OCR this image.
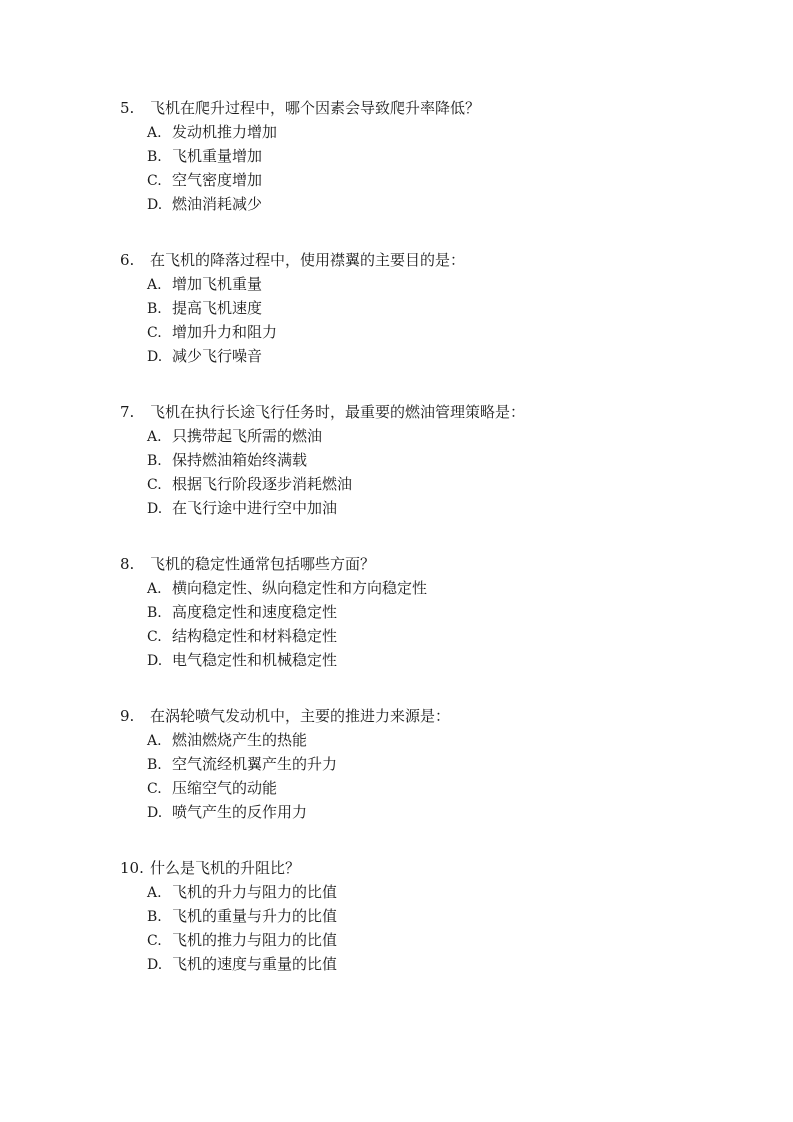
5. 飞机在爬升过程中，哪个因素会导致爬升率降低？
A. 发动机推力增加
B. 飞机重量增加
C. 空气密度增加
D. 燃油消耗减少
6. 在飞机的降落过程中，使用襟翼的主要目的是：
A. 增加飞机重量
B. 提高飞机速度
C. 增加升力和阻力
D. 减少飞行噪音
7. 飞机在执行长途飞行任务时，最重要的燃油管理策略是：
A. 只携带起飞所需的燃油
B. 保持燃油箱始终满载
C. 根据飞行阶段逐步消耗燃油
D. 在飞行途中进行空中加油
8. 飞机的稳定性通常包括哪些方面？
A. 横向稳定性、纵向稳定性和方向稳定性
B. 高度稳定性和速度稳定性
C. 结构稳定性和材料稳定性
D. 电气稳定性和机械稳定性
9. 在涡轮喷气发动机中，主要的推进力来源是：
A. 燃油燃烧产生的热能
B. 空气流经机翼产生的升力
C. 压缩空气的动能
D. 喷气产生的反作用力
10. 什么是飞机的升阻比？
A. 飞机的升力与阻力的比值
B. 飞机的重量与升力的比值
C. 飞机的推力与阻力的比值
D. 飞机的速度与重量的比值
